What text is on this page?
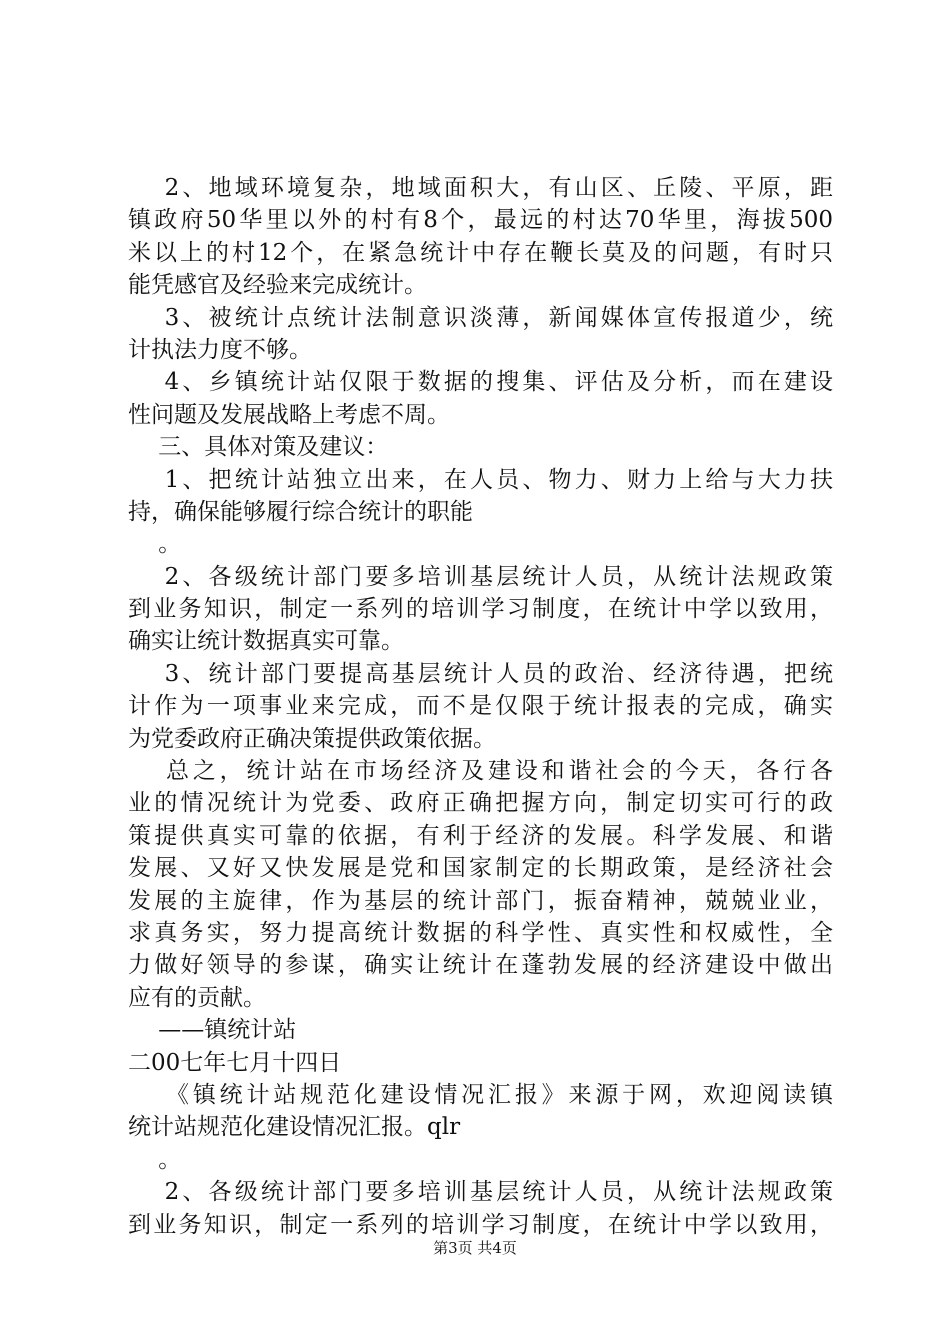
　 2、地域环境复杂，地域面积大，有山区、丘陵、平原，距
镇政府50华里以外的村有8个，最远的村达70华里，海拔500
米以上的村12个，在紧急统计中存在鞭长莫及的问题，有时只
能凭感官及经验来完成统计。
　 3、被统计点统计法制意识淡薄，新闻媒体宣传报道少，统
计执法力度不够。
　 4、乡镇统计站仅限于数据的搜集、评估及分析，而在建设
性问题及发展战略上考虑不周。
　 三、具体对策及建议：
　 1、把统计站独立出来，在人员、物力、财力上给与大力扶
持，确保能够履行综合统计的职能
　 。
　 2、各级统计部门要多培训基层统计人员，从统计法规政策
到业务知识，制定一系列的培训学习制度，在统计中学以致用，
确实让统计数据真实可靠。
　 3、统计部门要提高基层统计人员的政治、经济待遇，把统
计作为一项事业来完成，而不是仅限于统计报表的完成，确实
为党委政府正确决策提供政策依据。
　 总之，统计站在市场经济及建设和谐社会的今天，各行各
业的情况统计为党委、政府正确把握方向，制定切实可行的政
策提供真实可靠的依据，有利于经济的发展。科学发展、和谐
发展、又好又快发展是党和国家制定的长期政策，是经济社会
发展的主旋律，作为基层的统计部门，振奋精神，兢兢业业，
求真务实，努力提高统计数据的科学性、真实性和权威性，全
力做好领导的参谋，确实让统计在蓬勃发展的经济建设中做出
应有的贡献。
　 ——镇统计站
二00七年七月十四日
　 《镇统计站规范化建设情况汇报》来源于网，欢迎阅读镇
统计站规范化建设情况汇报。qlr
　 。
　 2、各级统计部门要多培训基层统计人员，从统计法规政策
到业务知识，制定一系列的培训学习制度，在统计中学以致用，
第3页 共4页
